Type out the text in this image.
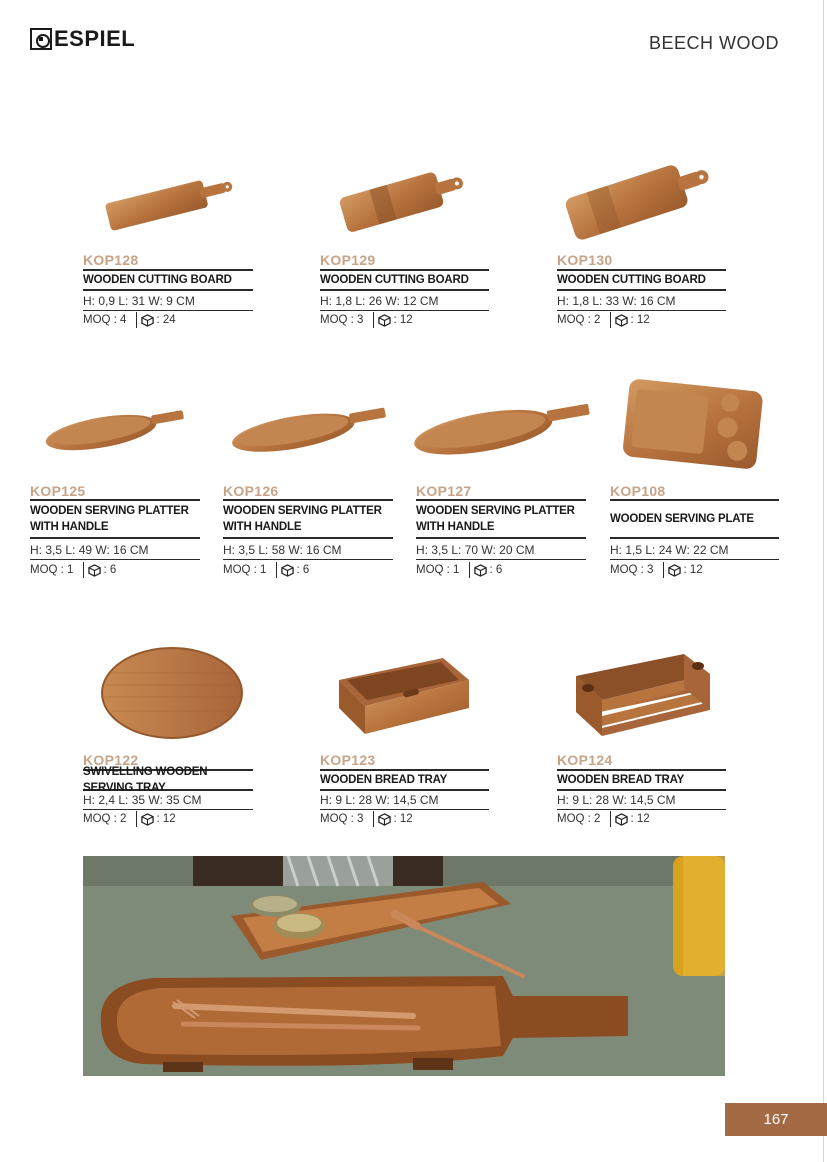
ESPIEL	BEECH WOOD
KOP128
WOODEN CUTTING BOARD
H: 0,9 L: 31 W: 9 CM
MOQ : 4	: 24
KOP129
WOODEN CUTTING BOARD
H: 1,8 L: 26 W: 12 CM
MOQ : 3	: 12
KOP130
WOODEN CUTTING BOARD
H: 1,8 L: 33 W: 16 CM
MOQ : 2	: 12
KOP125
WOODEN SERVING PLATTER WITH HANDLE
H: 3,5 L: 49 W: 16 CM
MOQ : 1	: 6
KOP126
WOODEN SERVING PLATTER WITH HANDLE
H: 3,5 L: 58 W: 16 CM
MOQ : 1	: 6
KOP127
WOODEN SERVING PLATTER WITH HANDLE
H: 3,5 L: 70 W: 20 CM
MOQ : 1	: 6
KOP108
WOODEN SERVING PLATE
H: 1,5 L: 24 W: 22 CM
MOQ : 3	: 12
KOP122
SWIVELLING WOODEN SERVING TRAY
H: 2,4 L: 35 W: 35 CM
MOQ : 2	: 12
KOP123
WOODEN BREAD TRAY
H: 9 L: 28 W: 14,5 CM
MOQ : 3	: 12
KOP124
WOODEN BREAD TRAY
H: 9 L: 28 W: 14,5 CM
MOQ : 2	: 12
167
